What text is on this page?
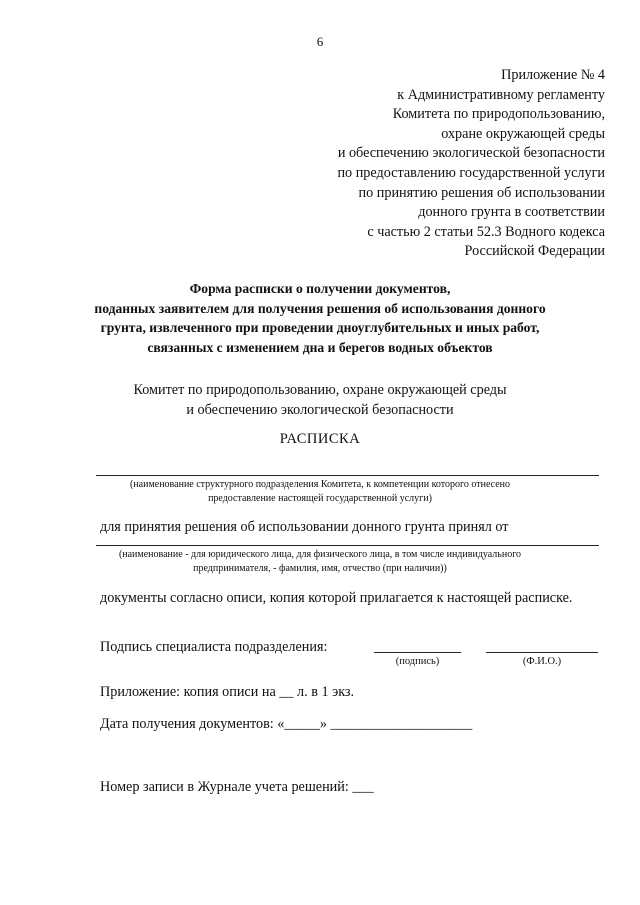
6
Приложение № 4
к Административному регламенту
Комитета по природопользованию,
охране окружающей среды
и обеспечению экологической безопасности
по предоставлению государственной услуги
по принятию решения об использовании
донного грунта в соответствии
с частью 2 статьи 52.3 Водного кодекса
Российской Федерации
Форма расписки о получении документов,
поданных заявителем для получения решения об использования донного
грунта, извлеченного при проведении дноуглубительных и иных работ,
связанных с изменением дна и берегов водных объектов
Комитет по природопользованию, охране окружающей среды
и обеспечению экологической безопасности
РАСПИСКА
(наименование структурного подразделения Комитета, к компетенции которого отнесено
предоставление настоящей государственной услуги)
для принятия решения об использовании донного грунта принял от
(наименование - для юридического лица, для физического лица, в том числе индивидуального
предпринимателя, - фамилия, имя, отчество (при наличии))
документы согласно описи, копия которой прилагается к настоящей расписке.
Подпись специалиста подразделения:
(подпись)	(Ф.И.О.)
Приложение: копия описи на __ л. в 1 экз.
Дата получения документов: «_____» ____________________
Номер записи в Журнале учета решений: ___
